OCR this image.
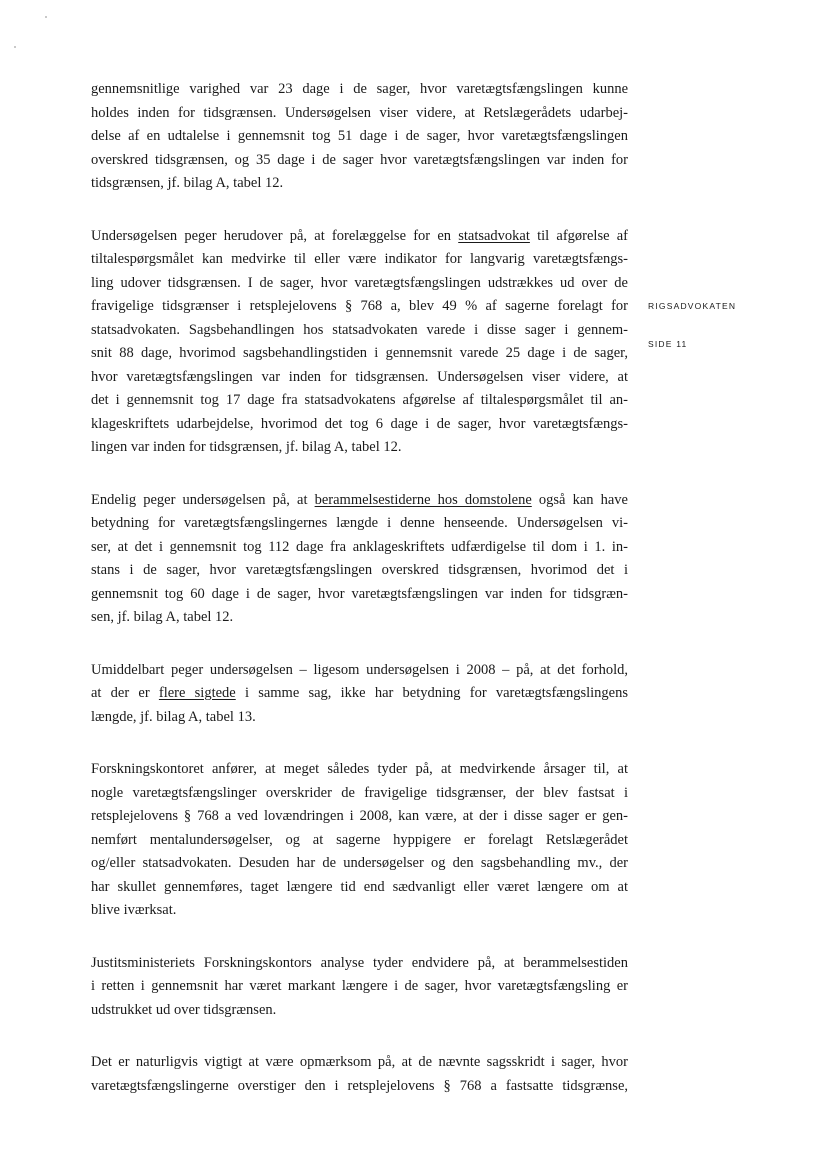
RIGSADVOKATEN
SIDE 11

gennemsnitlige varighed var 23 dage i de sager, hvor varetægtsfængslingen kunne
holdes inden for tidsgrænsen. Undersøgelsen viser videre, at Retslægerådets udarbej-
delse af en udtalelse i gennemsnit tog 51 dage i de sager, hvor varetægtsfængslingen
overskred tidsgrænsen, og 35 dage i de sager hvor varetægtsfængslingen var inden for
tidsgrænsen, jf. bilag A, tabel 12.

Undersøgelsen peger herudover på, at forelæggelse for en statsadvokat til afgørelse af
tiltalespørgsmålet kan medvirke til eller være indikator for langvarig varetægtsfængs-
ling udover tidsgrænsen. I de sager, hvor varetægtsfængslingen udstrækkes ud over de
fravigelige tidsgrænser i retsplejelovens § 768 a, blev 49 % af sagerne forelagt for
statsadvokaten. Sagsbehandlingen hos statsadvokaten varede i disse sager i gennem-
snit 88 dage, hvorimod sagsbehandlingstiden i gennemsnit varede 25 dage i de sager,
hvor varetægtsfængslingen var inden for tidsgrænsen. Undersøgelsen viser videre, at
det i gennemsnit tog 17 dage fra statsadvokatens afgørelse af tiltalespørgsmålet til an-
klageskriftets udarbejdelse, hvorimod det tog 6 dage i de sager, hvor varetægtsfængs-
lingen var inden for tidsgrænsen, jf. bilag A, tabel 12.

Endelig peger undersøgelsen på, at berammelsestiderne hos domstolene også kan have
betydning for varetægtsfængslingernes længde i denne henseende. Undersøgelsen vi-
ser, at det i gennemsnit tog 112 dage fra anklageskriftets udfærdigelse til dom i 1. in-
stans i de sager, hvor varetægtsfængslingen overskred tidsgrænsen, hvorimod det i
gennemsnit tog 60 dage i de sager, hvor varetægtsfængslingen var inden for tidsgræn-
sen, jf. bilag A, tabel 12.

Umiddelbart peger undersøgelsen – ligesom undersøgelsen i 2008 – på, at det forhold,
at der er flere sigtede i samme sag, ikke har betydning for varetægtsfængslingens
længde, jf. bilag A, tabel 13.

Forskningskontoret anfører, at meget således tyder på, at medvirkende årsager til, at
nogle varetægtsfængslinger overskrider de fravigelige tidsgrænser, der blev fastsat i
retsplejelovens § 768 a ved lovændringen i 2008, kan være, at der i disse sager er gen-
nemført mentalundersøgelser, og at sagerne hyppigere er forelagt Retslægerådet
og/eller statsadvokaten. Desuden har de undersøgelser og den sagsbehandling mv., der
har skullet gennemføres, taget længere tid end sædvanligt eller været længere om at
blive iværksat.

Justitsministeriets Forskningskontors analyse tyder endvidere på, at berammelsestiden
i retten i gennemsnit har været markant længere i de sager, hvor varetægtsfængsling er
udstrukket ud over tidsgrænsen.

Det er naturligvis vigtigt at være opmærksom på, at de nævnte sagsskridt i sager, hvor
varetægtsfængslingerne overstiger den i retsplejelovens § 768 a fastsatte tidsgrænse,
